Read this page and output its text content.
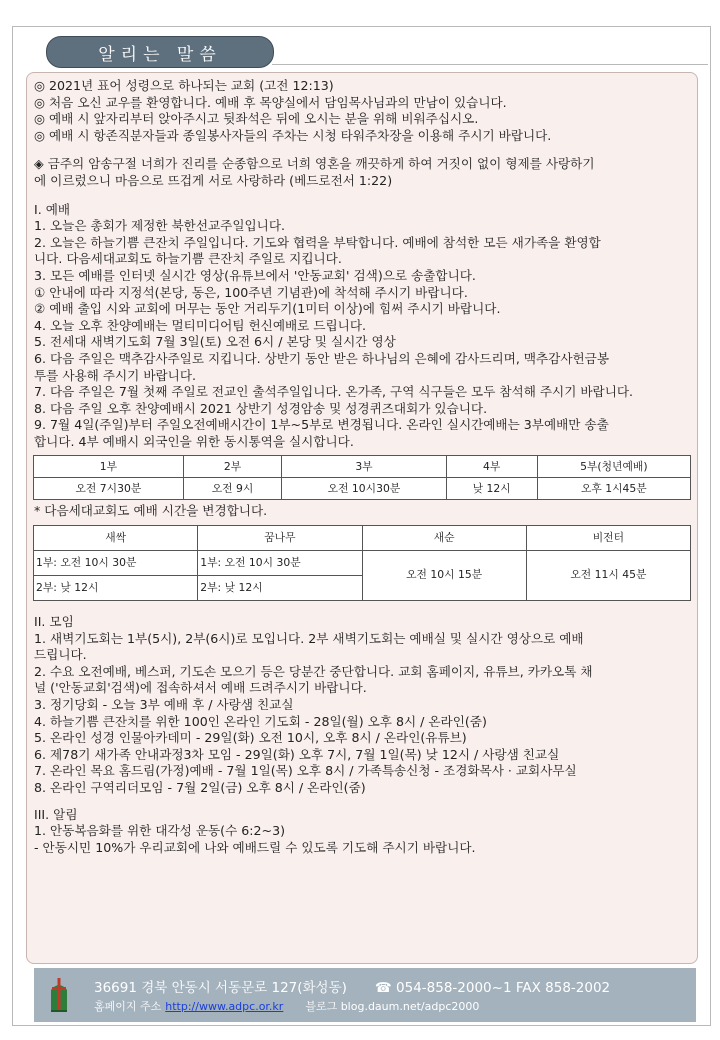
알리는 말씀
◎ 2021년 표어 성령으로 하나되는 교회 (고전 12:13)
◎ 처음 오신 교우를 환영합니다. 예배 후 목양실에서 담임목사님과의 만남이 있습니다.
◎ 예배 시 앞자리부터 앉아주시고 뒷좌석은 뒤에 오시는 분을 위해 비워주십시오.
◎ 예배 시 항존직분자들과 종일봉사자들의 주차는 시청 타워주차장을 이용해 주시기 바랍니다.
◈ 금주의 암송구절 너희가 진리를 순종함으로 너희 영혼을 깨끗하게 하여 거짓이 없이 형제를 사랑하기
에 이르렀으니 마음으로 뜨겁게 서로 사랑하라 (베드로전서 1:22)
I. 예배
1. 오늘은 총회가 제정한 북한선교주일입니다.
2. 오늘은 하늘기쁨 큰잔치 주일입니다. 기도와 협력을 부탁합니다. 예배에 참석한 모든 새가족을 환영합
니다. 다음세대교회도 하늘기쁨 큰잔치 주일로 지킵니다.
3. 모든 예배를 인터넷 실시간 영상(유튜브에서 '안동교회' 검색)으로 송출합니다.
① 안내에 따라 지정석(본당, 동은, 100주년 기념관)에 착석해 주시기 바랍니다.
② 예배 출입 시와 교회에 머무는 동안 거리두기(1미터 이상)에 힘써 주시기 바랍니다.
4. 오늘 오후 찬양예배는 멀티미디어팀 헌신예배로 드립니다.
5. 전세대 새벽기도회 7월 3일(토) 오전 6시 / 본당 및 실시간 영상
6. 다음 주일은 맥추감사주일로 지킵니다. 상반기 동안 받은 하나님의 은혜에 감사드리며, 맥추감사헌금봉
투를 사용해 주시기 바랍니다.
7. 다음 주일은 7월 첫째 주일로 전교인 출석주일입니다. 온가족, 구역 식구들은 모두 참석해 주시기 바랍니다.
8. 다음 주일 오후 찬양예배시 2021 상반기 성경암송 및 성경퀴즈대회가 있습니다.
9. 7월 4일(주일)부터 주일오전예배시간이 1부~5부로 변경됩니다. 온라인 실시간예배는 3부예배만 송출
합니다. 4부 예배시 외국인을 위한 동시통역을 실시합니다.
1부	2부	3부	4부	5부(청년예배)
오전 7시30분	오전 9시	오전 10시30분	낮 12시	오후 1시45분
* 다음세대교회도 예배 시간을 변경합니다.
새싹	꿈나무	새순	비전터
1부: 오전 10시 30분	1부: 오전 10시 30분	오전 10시 15분	오전 11시 45분
2부: 낮 12시	2부: 낮 12시		
II. 모임
1. 새벽기도회는 1부(5시), 2부(6시)로 모입니다. 2부 새벽기도회는 예배실 및 실시간 영상으로 예배
드립니다.
2. 수요 오전예배, 베스퍼, 기도손 모으기 등은 당분간 중단합니다. 교회 홈페이지, 유튜브, 카카오톡 채
널 ('안동교회'검색)에 접속하셔서 예배 드려주시기 바랍니다.
3. 정기당회 - 오늘 3부 예배 후 / 사랑샘 친교실
4. 하늘기쁨 큰잔치를 위한 100인 온라인 기도회 - 28일(월) 오후 8시 / 온라인(줌)
5. 온라인 성경 인물아카데미 - 29일(화) 오전 10시, 오후 8시 / 온라인(유튜브)
6. 제78기 새가족 안내과정3차 모임 - 29일(화) 오후 7시, 7월 1일(목) 낮 12시 / 사랑샘 친교실
7. 온라인 목요 홈드림(가정)예배 - 7월 1일(목) 오후 8시 / 가족특송신청 - 조경화목사 · 교회사무실
8. 온라인 구역리더모임 - 7월 2일(금) 오후 8시 / 온라인(줌)
III. 알림
1. 안동복음화를 위한 대각성 운동(수 6:2~3)
- 안동시민 10%가 우리교회에 나와 예배드릴 수 있도록 기도해 주시기 바랍니다.
36691 경북 안동시 서동문로 127(화성동) ☎ 054-858-2000~1 FAX 858-2002
홈페이지 주소 http://www.adpc.or.kr 블로그 blog.daum.net/adpc2000
